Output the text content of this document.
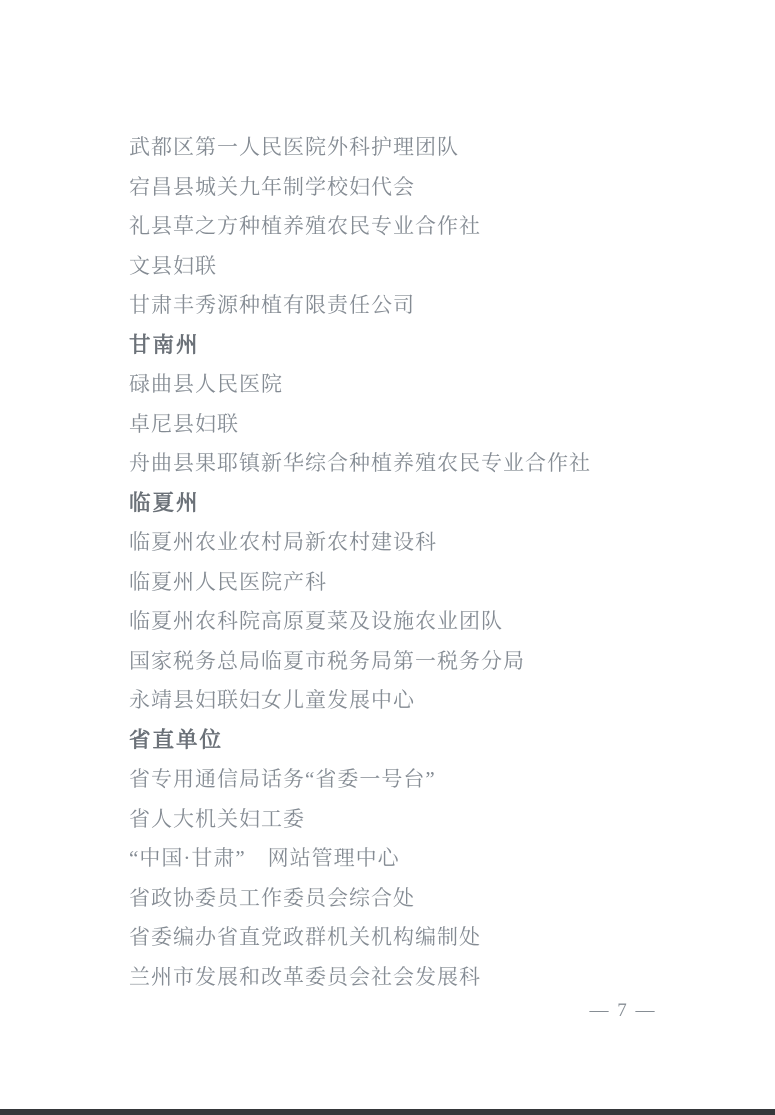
武都区第一人民医院外科护理团队
宕昌县城关九年制学校妇代会
礼县草之方种植养殖农民专业合作社
文县妇联
甘肃丰秀源种植有限责任公司
甘南州
碌曲县人民医院
卓尼县妇联
舟曲县果耶镇新华综合种植养殖农民专业合作社
临夏州
临夏州农业农村局新农村建设科
临夏州人民医院产科
临夏州农科院高原夏菜及设施农业团队
国家税务总局临夏市税务局第一税务分局
永靖县妇联妇女儿童发展中心
省直单位
省专用通信局话务“省委一号台”
省人大机关妇工委
“中国·甘肃”　网站管理中心
省政协委员工作委员会综合处
省委编办省直党政群机关机构编制处
兰州市发展和改革委员会社会发展科
— 7 —
